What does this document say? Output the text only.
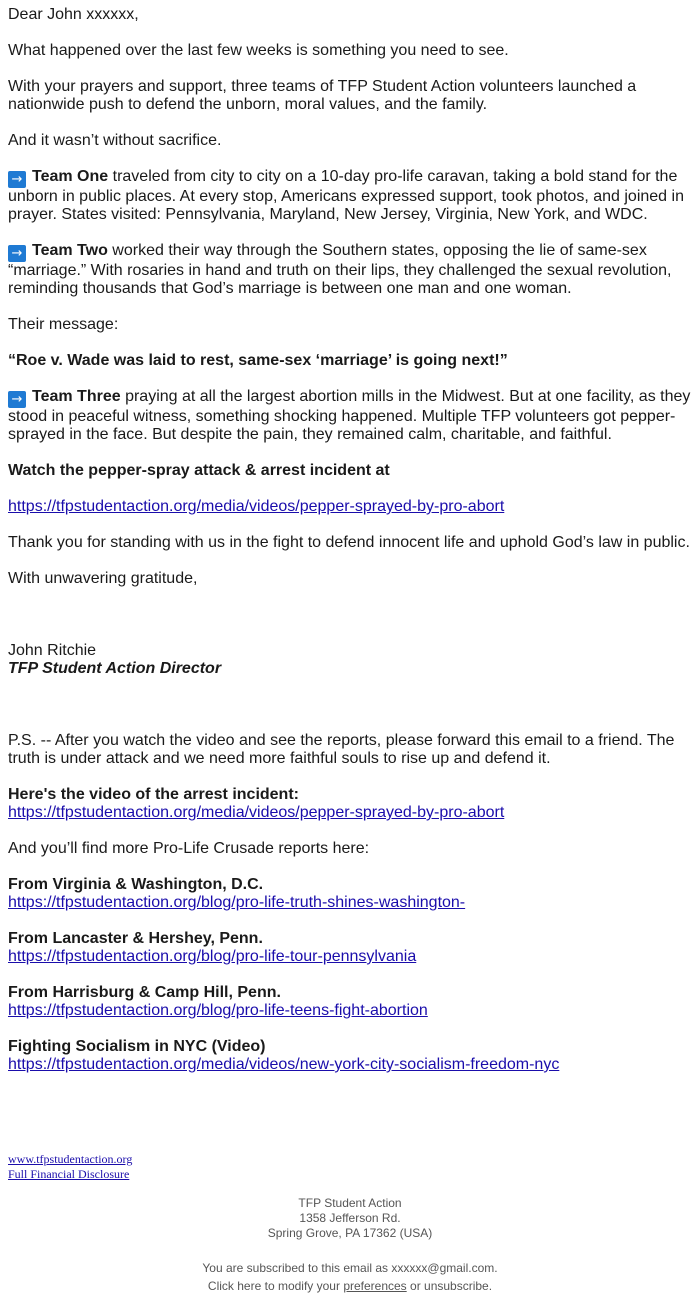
Dear John xxxxxx,

What happened over the last few weeks is something you need to see.

With your prayers and support, three teams of TFP Student Action volunteers launched a nationwide push to defend the unborn, moral values, and the family.

And it wasn’t without sacrifice.

→ Team One traveled from city to city on a 10-day pro-life caravan, taking a bold stand for the unborn in public places. At every stop, Americans expressed support, took photos, and joined in prayer. States visited: Pennsylvania, Maryland, New Jersey, Virginia, New York, and WDC.

→ Team Two worked their way through the Southern states, opposing the lie of same-sex “marriage.” With rosaries in hand and truth on their lips, they challenged the sexual revolution, reminding thousands that God’s marriage is between one man and one woman.

Their message:

“Roe v. Wade was laid to rest, same-sex ‘marriage’ is going next!”

→ Team Three praying at all the largest abortion mills in the Midwest. But at one facility, as they stood in peaceful witness, something shocking happened. Multiple TFP volunteers got pepper-sprayed in the face. But despite the pain, they remained calm, charitable, and faithful.

Watch the pepper-spray attack & arrest incident at

https://tfpstudentaction.org/media/videos/pepper-sprayed-by-pro-abort

Thank you for standing with us in the fight to defend innocent life and uphold God’s law in public.

With unwavering gratitude,

John Ritchie
TFP Student Action Director

P.S. -- After you watch the video and see the reports, please forward this email to a friend. The truth is under attack and we need more faithful souls to rise up and defend it.

Here's the video of the arrest incident:
https://tfpstudentaction.org/media/videos/pepper-sprayed-by-pro-abort

And you’ll find more Pro-Life Crusade reports here:

From Virginia & Washington, D.C.
https://tfpstudentaction.org/blog/pro-life-truth-shines-washington-

From Lancaster & Hershey, Penn.
https://tfpstudentaction.org/blog/pro-life-tour-pennsylvania

From Harrisburg & Camp Hill, Penn.
https://tfpstudentaction.org/blog/pro-life-teens-fight-abortion

Fighting Socialism in NYC (Video)
https://tfpstudentaction.org/media/videos/new-york-city-socialism-freedom-nyc

www.tfpstudentaction.org
Full Financial Disclosure
TFP Student Action
1358 Jefferson Rd.
Spring Grove, PA 17362 (USA)
You are subscribed to this email as xxxxxx@gmail.com.
Click here to modify your preferences or unsubscribe.
